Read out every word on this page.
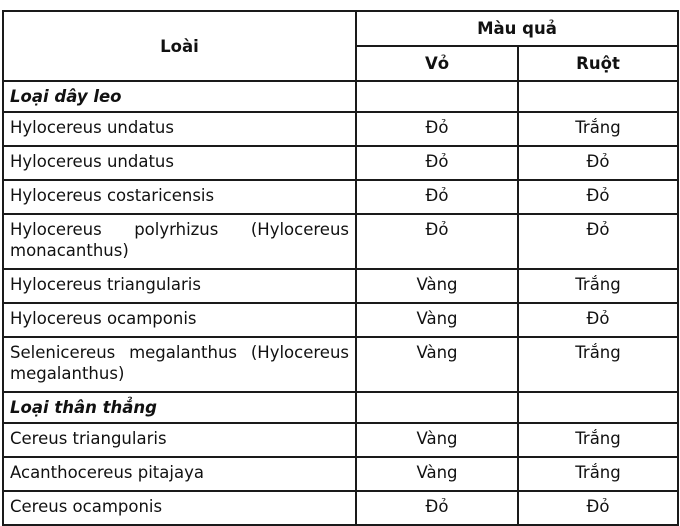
Loài	Màu quả	
	Vỏ	Ruột
Loại dây leo		
Hylocereus undatus	Đỏ	Trắng
Hylocereus undatus	Đỏ	Đỏ
Hylocereus costaricensis	Đỏ	Đỏ
Hylocereus polyrhizus (Hylocereus monacanthus)	Đỏ	Đỏ
Hylocereus triangularis	Vàng	Trắng
Hylocereus ocamponis	Vàng	Đỏ
Selenicereus megalanthus (Hylocereus megalanthus)	Vàng	Trắng
Loại thân thẳng		
Cereus triangularis	Vàng	Trắng
Acanthocereus pitajaya	Vàng	Trắng
Cereus ocamponis	Đỏ	Đỏ
